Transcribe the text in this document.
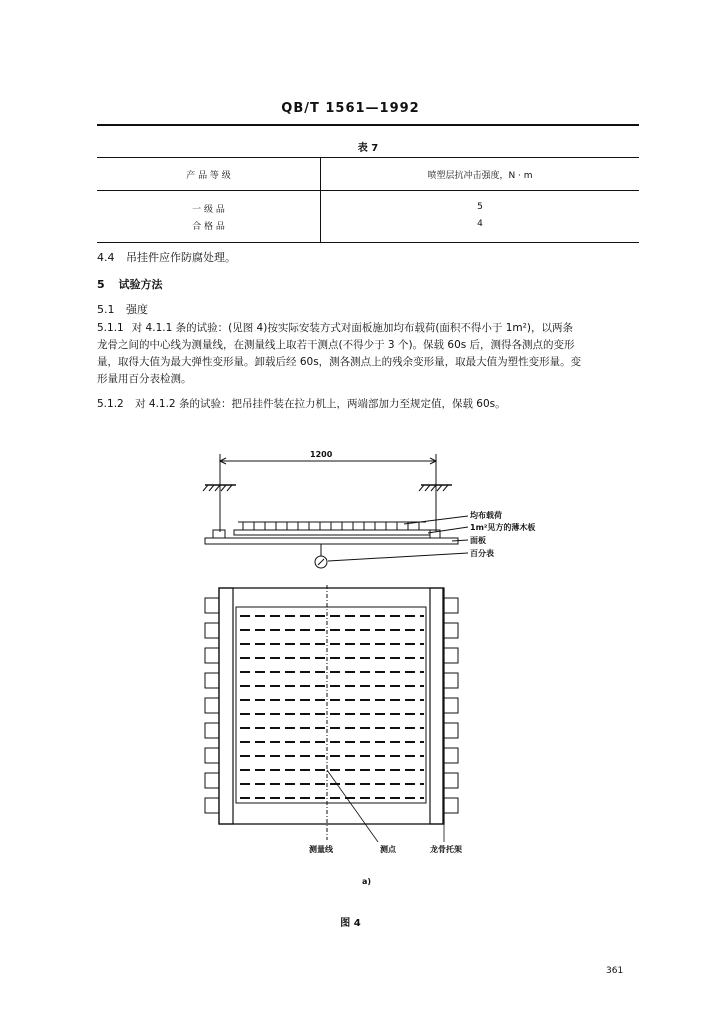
QB/T 1561—1992
表 7
产 品 等 级	喷塑层抗冲击强度，N · m
一 级 品	5
合 格 品	4
4.4 吊挂件应作防腐处理。
5 试验方法
5.1 强度
5.1.1 对 4.1.1 条的试验：(见图 4)按实际安装方式对面板施加均布载荷(面积不得小于 1m²)，以两条
龙骨之间的中心线为测量线，在测量线上取若干测点(不得少于 3 个)。保载 60s 后，测得各测点的变形
量，取得大值为最大弹性变形量。卸载后经 60s，测各测点上的残余变形量，取最大值为塑性变形量。变
形量用百分表检测。
5.1.2 对 4.1.2 条的试验：把吊挂件装在拉力机上，两端部加力至规定值，保载 60s。
1200
均布载荷
1m²见方的薄木板
面板
百分表
测量线	测点	龙骨托架
a)
图 4
361
